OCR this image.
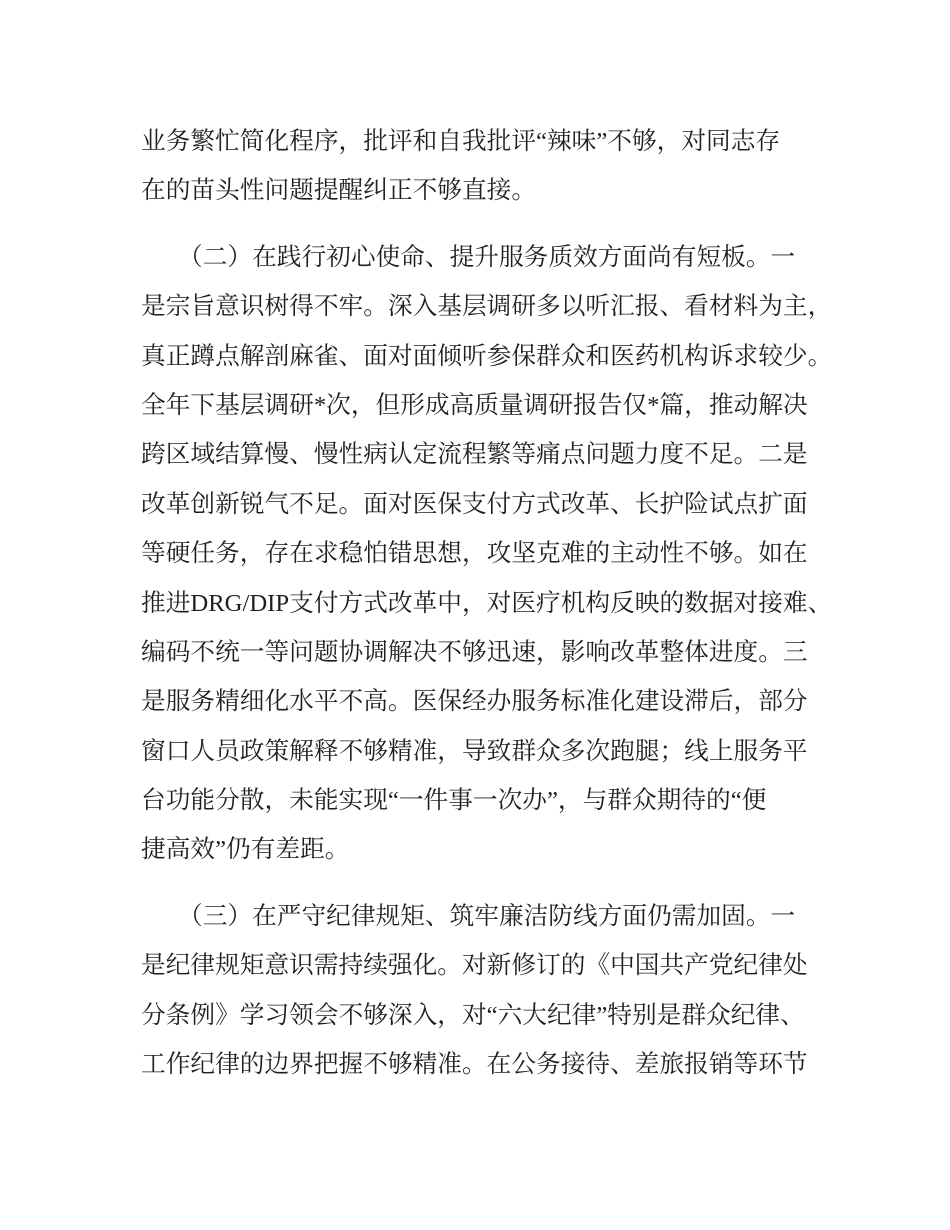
业务繁忙简化程序，批评和自我批评“辣味”不够，对同志存
在的苗头性问题提醒纠正不够直接。
　　（二）在践行初心使命、提升服务质效方面尚有短板。一
是宗旨意识树得不牢。深入基层调研多以听汇报、看材料为主，
真正蹲点解剖麻雀、面对面倾听参保群众和医药机构诉求较少。
全年下基层调研*次，但形成高质量调研报告仅*篇，推动解决
跨区域结算慢、慢性病认定流程繁等痛点问题力度不足。二是
改革创新锐气不足。面对医保支付方式改革、长护险试点扩面
等硬任务，存在求稳怕错思想，攻坚克难的主动性不够。如在
推进DRG/DIP支付方式改革中，对医疗机构反映的数据对接难、
编码不统一等问题协调解决不够迅速，影响改革整体进度。三
是服务精细化水平不高。医保经办服务标准化建设滞后，部分
窗口人员政策解释不够精准，导致群众多次跑腿；线上服务平
台功能分散，未能实现“一件事一次办”，与群众期待的“便
捷高效”仍有差距。
　　（三）在严守纪律规矩、筑牢廉洁防线方面仍需加固。一
是纪律规矩意识需持续强化。对新修订的《中国共产党纪律处
分条例》学习领会不够深入，对“六大纪律”特别是群众纪律、
工作纪律的边界把握不够精准。在公务接待、差旅报销等环节
